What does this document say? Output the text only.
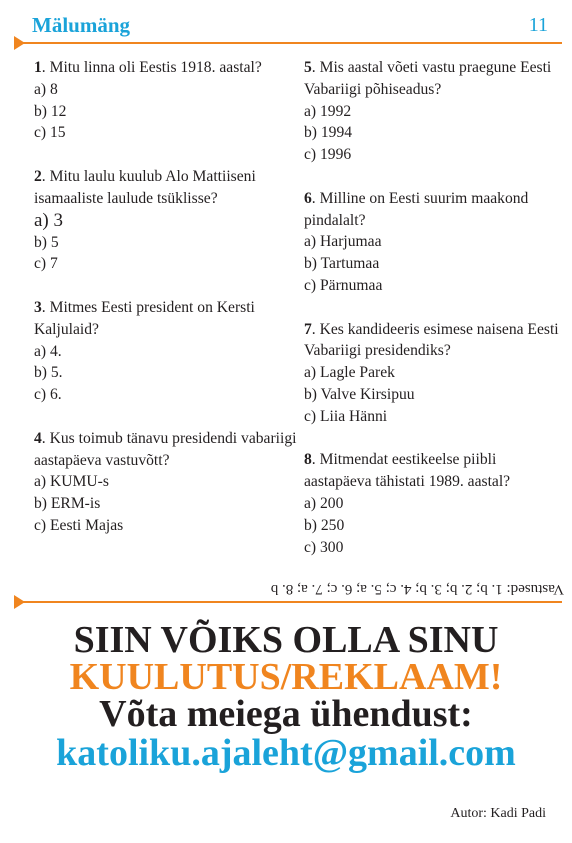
Mälumäng	11
1. Mitu linna oli Eestis 1918. aastal?
a) 8
b) 12
c) 15
2. Mitu laulu kuulub Alo Mattiiseni isamaaliste laulude tsüklisse?
a) 3
b) 5
c) 7
3. Mitmes Eesti president on Kersti Kaljulaid?
a) 4.
b) 5.
c) 6.
4. Kus toimub tänavu presidendi vabariigi aastapäeva vastuvõtt?
a) KUMU-s
b) ERM-is
c) Eesti Majas
5. Mis aastal võeti vastu praegune Eesti Vabariigi põhiseadus?
a) 1992
b) 1994
c) 1996
6. Milline on Eesti suurim maakond pindalalt?
a) Harjumaa
b) Tartumaa
c) Pärnumaa
7. Kes kandideeris esimese naisena Eesti Vabariigi presidendiks?
a) Lagle Parek
b) Valve Kirsipuu
c) Liia Hänni
8. Mitmendat eestikeelse piibli aastapäeva tähistati 1989. aastal?
a) 200
b) 250
c) 300
Vastused: 1. b; 2. b; 3. b; 4. c; 5. a; 6. c; 7. a; 8. b
SIIN VÕIKS OLLA SINU
KUULUTUS/REKLAAM!
Võta meiega ühendust:
katoliku.ajaleht@gmail.com
Autor: Kadi Padi
